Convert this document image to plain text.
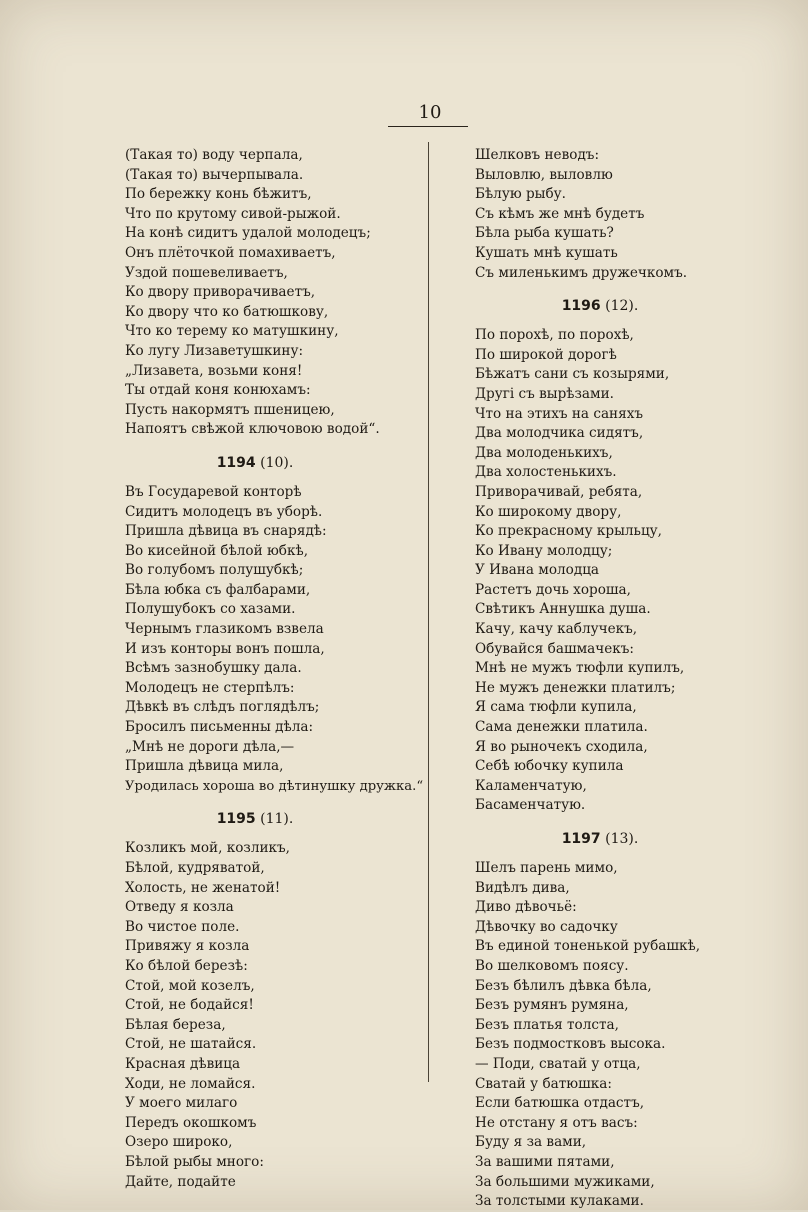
10
(Такая то) воду черпала,
(Такая то) вычерпывала.
По бережку конь бѣжитъ,
Что по крутому сивой-рыжой.
На конѣ сидитъ удалой молодецъ;
Онъ плёточкой помахиваетъ,
Уздой пошевеливаетъ,
Ко двору приворачиваетъ,
Ко двору что ко батюшкову,
Что ко терему ко матушкину,
Ко лугу Лизаветушкину:
„Лизавета, возьми коня!
Ты отдай коня конюхамъ:
Пусть накормятъ пшеницею,
Напоятъ свѣжой ключовою водой“.
1194 (10).
Въ Государевой конторѣ
Сидитъ молодецъ въ уборѣ.
Пришла дѣвица въ снарядѣ:
Во кисейной бѣлой юбкѣ,
Во голубомъ полушубкѣ;
Бѣла юбка съ фалбарами,
Полушубокъ со хазами.
Чернымъ глазикомъ взвела
И изъ конторы вонъ пошла,
Всѣмъ зазнобушку дала.
Молодецъ не стерпѣлъ:
Дѣвкѣ въ слѣдъ поглядѣлъ;
Бросилъ письменны дѣла:
„Мнѣ не дороги дѣла,—
Пришла дѣвица мила,
Уродилась хороша во дѣтинушку дружка.“
1195 (11).
Козликъ мой, козликъ,
Бѣлой, кудряватой,
Холость, не женатой!
Отведу я козла
Во чистое поле.
Привяжу я козла
Ко бѣлой березѣ:
Стой, мой козелъ,
Стой, не бодайся!
Бѣлая береза,
Стой, не шатайся.
Красная дѣвица
Ходи, не ломайся.
У моего милаго
Передъ окошкомъ
Озеро широко,
Бѣлой рыбы много:
Дайте, подайте
Шелковъ неводъ:
Выловлю, выловлю
Бѣлую рыбу.
Съ кѣмъ же мнѣ будетъ
Бѣла рыба кушать?
Кушать мнѣ кушать
Съ миленькимъ дружечкомъ.
1196 (12).
По порохѣ, по порохѣ,
По широкой дорогѣ
Бѣжатъ сани съ козырями,
Другі съ вырѣзами.
Что на этихъ на саняхъ
Два молодчика сидятъ,
Два молоденькихъ,
Два холостенькихъ.
Приворачивай, ребята,
Ко широкому двору,
Ко прекрасному крыльцу,
Ко Ивану молодцу;
У Ивана молодца
Растетъ дочь хороша,
Свѣтикъ Аннушка душа.
Качу, качу каблучекъ,
Обувайся башмачекъ:
Мнѣ не мужъ тюфли купилъ,
Не мужъ денежки платилъ;
Я сама тюфли купила,
Сама денежки платила.
Я во рыночекъ сходила,
Себѣ юбочку купила
Каламенчатую,
Басаменчатую.
1197 (13).
Шелъ парень мимо,
Видѣлъ дива,
Диво дѣвочьё:
Дѣвочку во садочку
Въ единой тоненькой рубашкѣ,
Во шелковомъ поясу.
Безъ бѣлилъ дѣвка бѣла,
Безъ румянъ румяна,
Безъ платья толста,
Безъ подмостковъ высока.
— Поди, сватай у отца,
Сватай у батюшка:
Если батюшка отдастъ,
Не отстану я отъ васъ:
Буду я за вами,
За вашими пятами,
За большими мужиками,
За толстыми кулаками.
